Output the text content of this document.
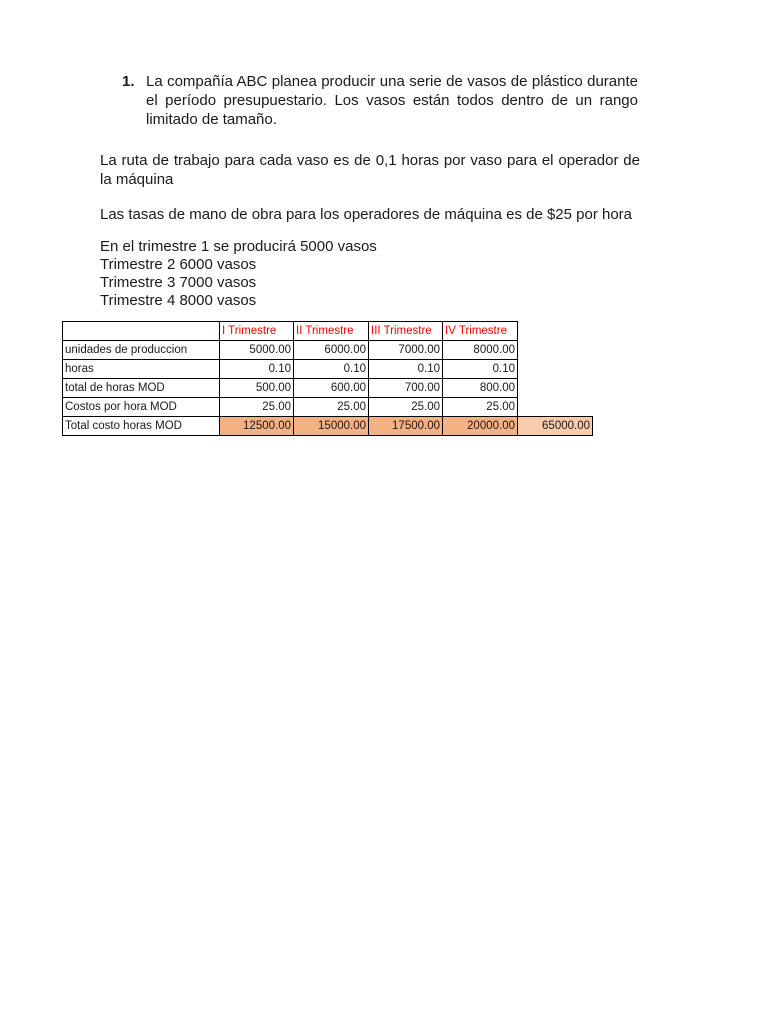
1. La compañía ABC planea producir una serie de vasos de plástico durante el período presupuestario. Los vasos están todos dentro de un rango limitado de tamaño.
La ruta de trabajo para cada vaso es de 0,1 horas por vaso para el operador de la máquina
Las tasas de mano de obra para los operadores de máquina es de $25 por hora
En el trimestre 1 se producirá 5000 vasos
Trimestre 2 6000 vasos
Trimestre 3 7000 vasos
Trimestre 4 8000 vasos
	I Trimestre	II Trimestre	III Trimestre	IV Trimestre	
unidades de produccion	5000.00	6000.00	7000.00	8000.00	
horas	0.10	0.10	0.10	0.10	
total de horas MOD	500.00	600.00	700.00	800.00	
Costos por hora MOD	25.00	25.00	25.00	25.00	
Total costo horas MOD	12500.00	15000.00	17500.00	20000.00	65000.00
